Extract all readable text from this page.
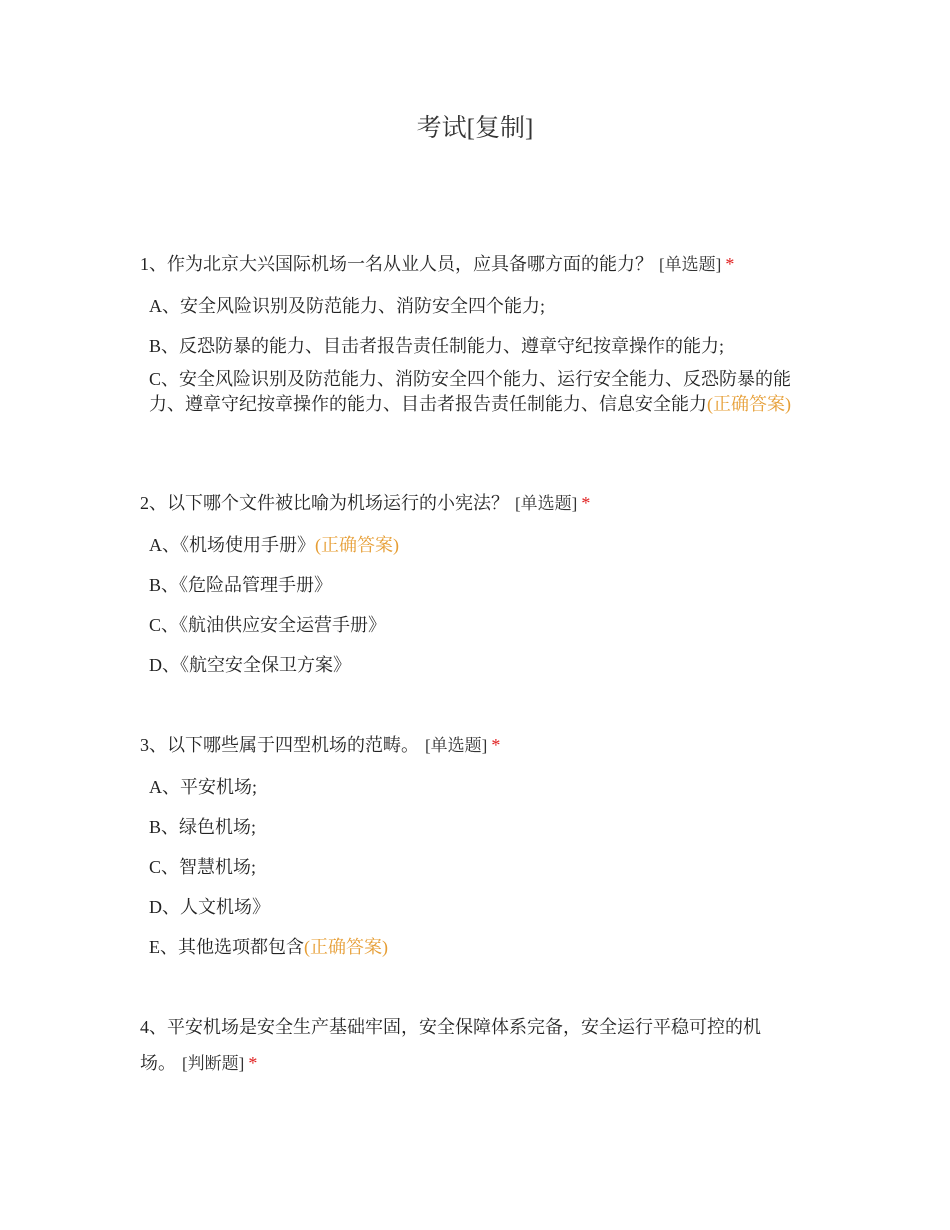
考试[复制]
1、作为北京大兴国际机场一名从业人员，应具备哪方面的能力？ [单选题] *
A、安全风险识别及防范能力、消防安全四个能力;
B、反恐防暴的能力、目击者报告责任制能力、遵章守纪按章操作的能力;
C、安全风险识别及防范能力、消防安全四个能力、运行安全能力、反恐防暴的能力、遵章守纪按章操作的能力、目击者报告责任制能力、信息安全能力(正确答案)
2、以下哪个文件被比喻为机场运行的小宪法？ [单选题] *
A、《机场使用手册》(正确答案)
B、《危险品管理手册》
C、《航油供应安全运营手册》
D、《航空安全保卫方案》
3、以下哪些属于四型机场的范畴。 [单选题] *
A、平安机场;
B、绿色机场;
C、智慧机场;
D、人文机场》
E、其他选项都包含(正确答案)
4、平安机场是安全生产基础牢固，安全保障体系完备，安全运行平稳可控的机场。 [判断题] *
